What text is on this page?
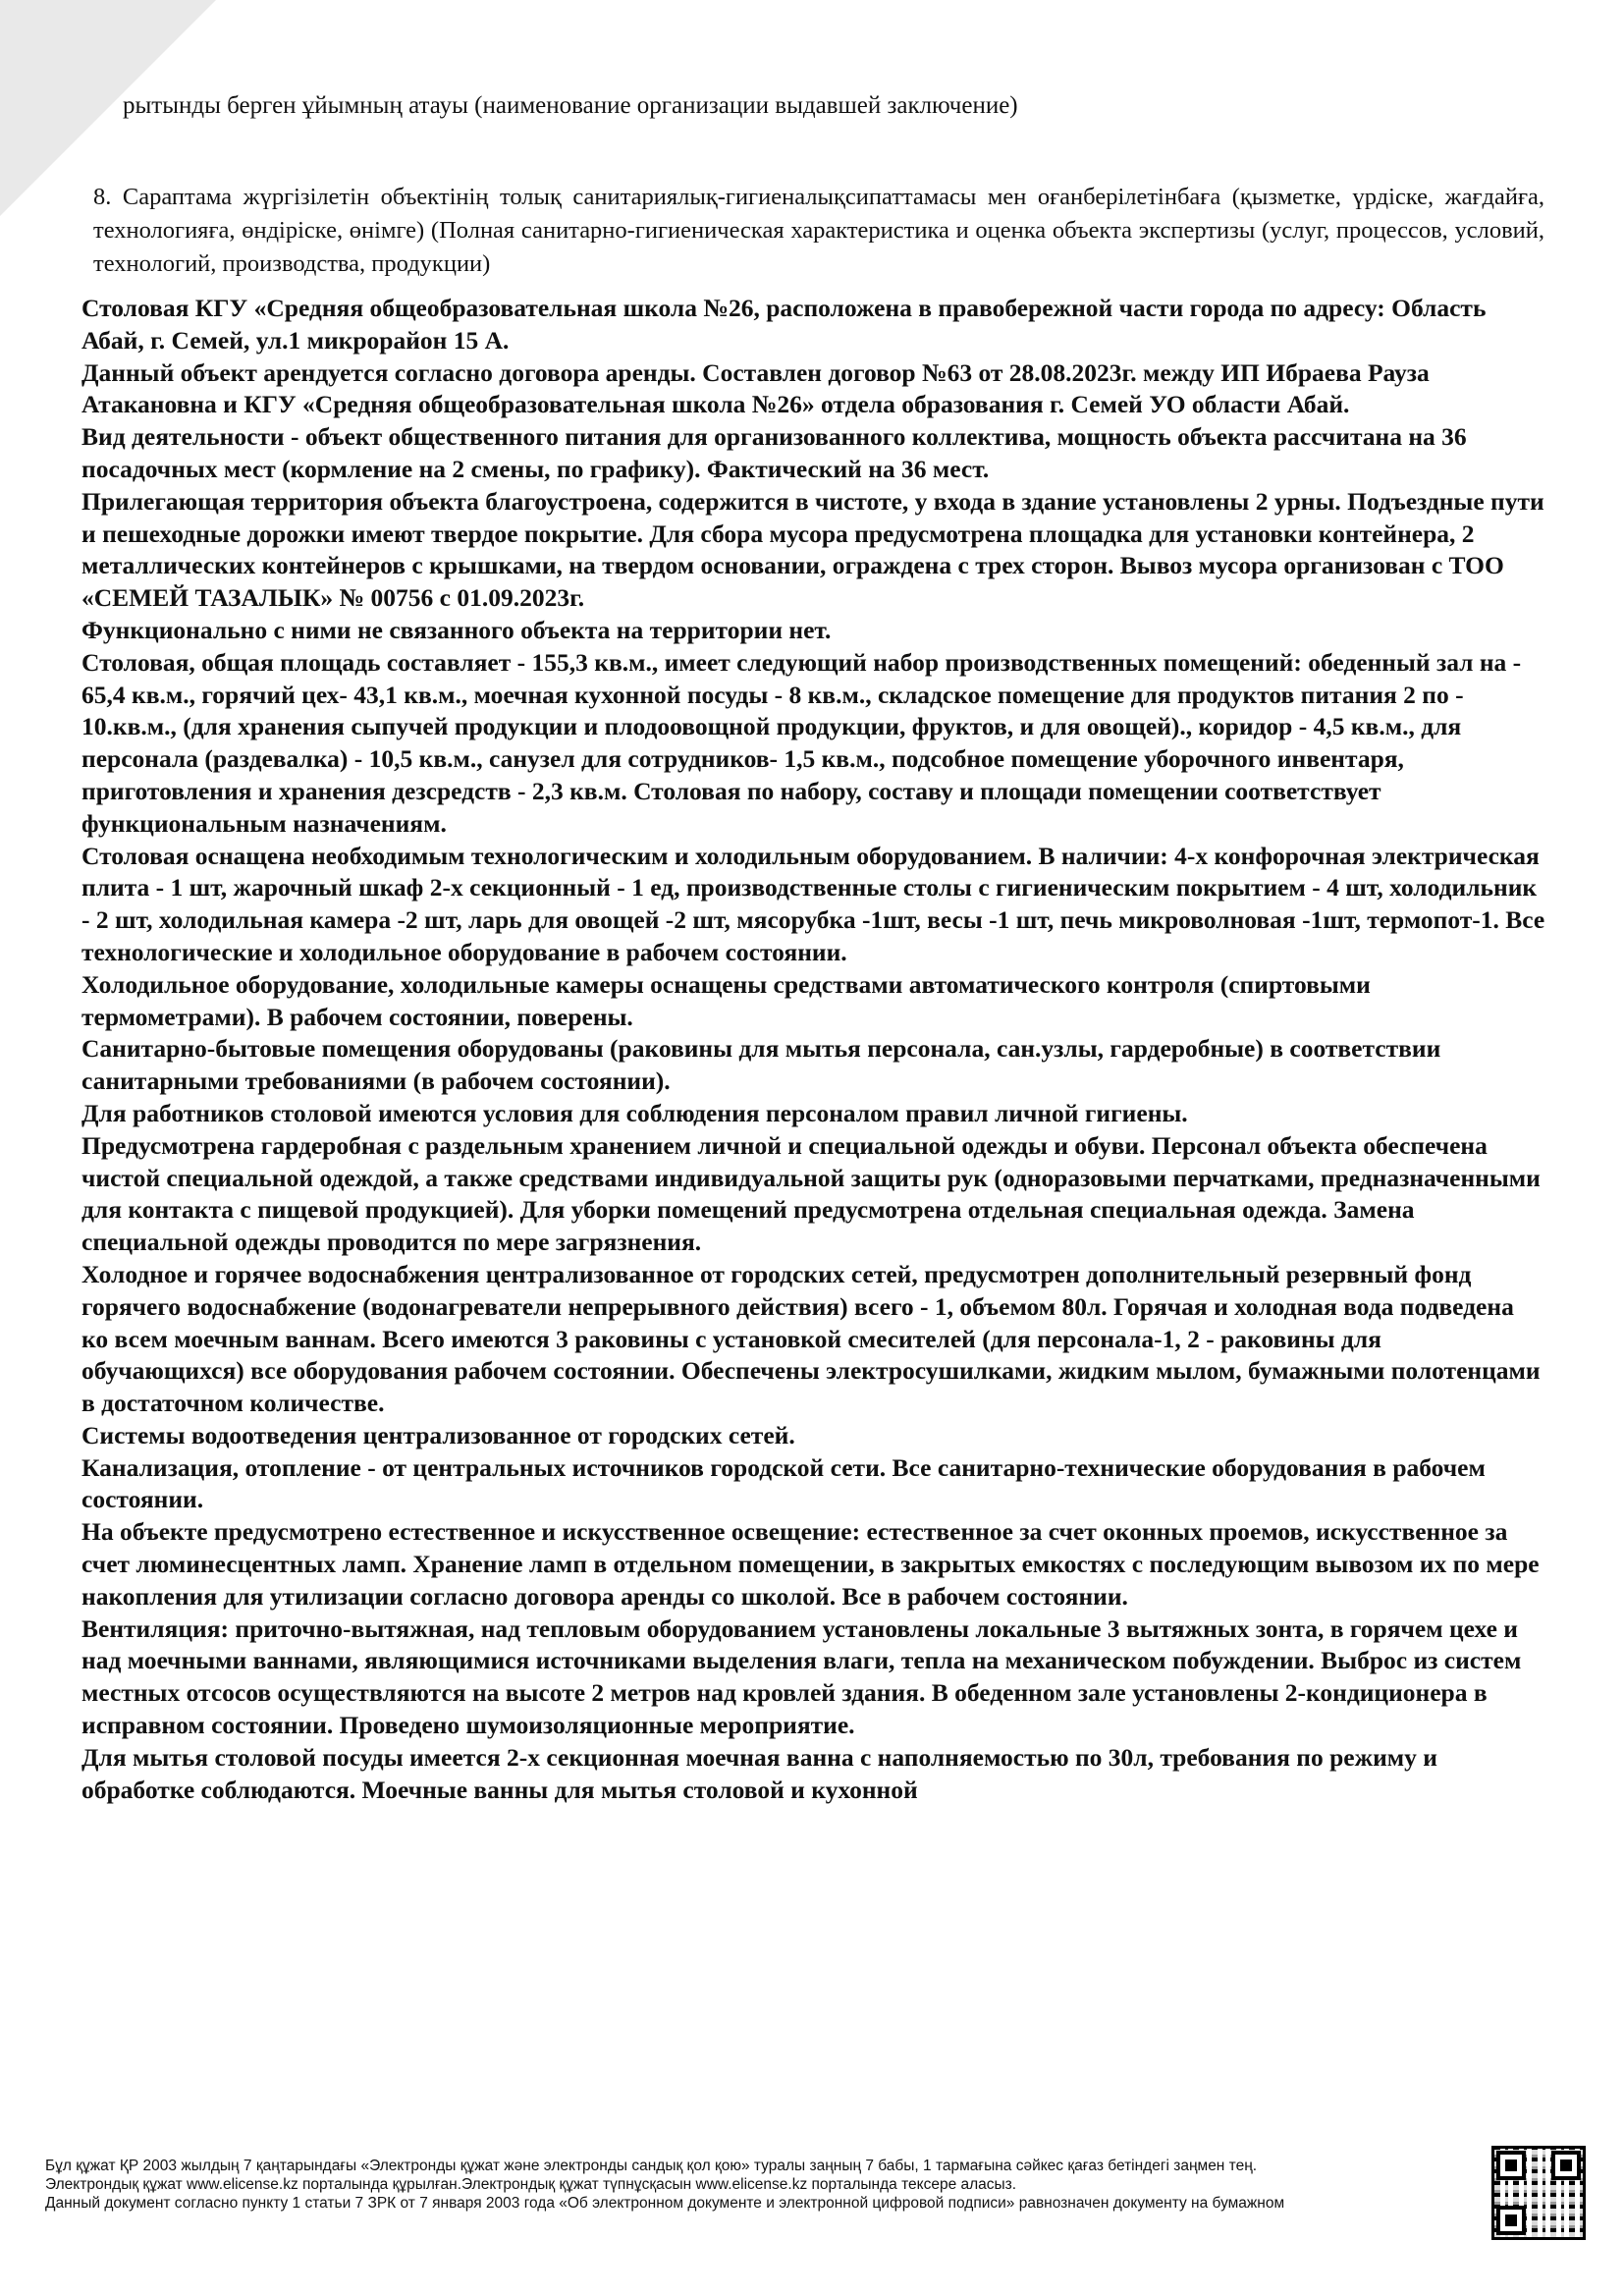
рытынды берген ұйымның атауы (наименование организации выдавшей заключение)
8. Сараптама жүргізілетін объектінің толық санитариялық-гигиеналықсипаттамасы мен оғанберілетінбаға (қызметке, үрдіске, жағдайға, технологияға, өндіріске, өнімге) (Полная санитарно-гигиеническая характеристика и оценка объекта экспертизы (услуг, процессов, условий, технологий, производства, продукции)

Столовая КГУ «Средняя общеобразовательная школа №26, расположена в правобережной части города по адресу: Область Абай, г. Семей, ул.1 микрорайон 15 А.

Данный объект арендуется согласно договора аренды. Составлен договор №63 от 28.08.2023г. между ИП Ибраева Рауза Атакановна и КГУ «Средняя общеобразовательная школа №26» отдела образования г. Семей УО области Абай.

Вид деятельности - объект общественного питания для организованного коллектива, мощность объекта рассчитана на 36 посадочных мест (кормление на 2 смены, по графику). Фактический на 36 мест.

Прилегающая территория объекта благоустроена, содержится в чистоте, у входа в здание установлены 2 урны. Подъездные пути и пешеходные дорожки имеют твердое покрытие. Для сбора мусора предусмотрена площадка для установки контейнера, 2 металлических контейнеров с крышками, на твердом основании, ограждена с трех сторон. Вывоз мусора организован с ТОО «СЕМЕЙ ТАЗАЛЫК» № 00756 с 01.09.2023г.

Функционально с ними не связанного объекта на территории нет.

Столовая, общая площадь составляет - 155,3 кв.м., имеет следующий набор производственных помещений: обеденный зал на - 65,4 кв.м., горячий цех- 43,1 кв.м., моечная кухонной посуды - 8 кв.м., складское помещение для продуктов питания 2 по - 10.кв.м., (для хранения сыпучей продукции и плодоовощной продукции, фруктов, и для овощей)., коридор - 4,5 кв.м., для персонала (раздевалка) - 10,5 кв.м., санузел для сотрудников- 1,5 кв.м., подсобное помещение уборочного инвентаря, приготовления и хранения дезсредств - 2,3 кв.м. Столовая по набору, составу и площади помещении соответствует функциональным назначениям.

Столовая оснащена необходимым технологическим и холодильным оборудованием. В наличии: 4-х конфорочная электрическая плита - 1 шт, жарочный шкаф 2-х секционный - 1 ед, производственные столы с гигиеническим покрытием - 4 шт, холодильник - 2 шт, холодильная камера -2 шт, ларь для овощей -2 шт, мясорубка -1шт, весы -1 шт, печь микроволновая -1шт, термопот-1. Все технологические и холодильное оборудование в рабочем состоянии.

Холодильное оборудование, холодильные камеры оснащены средствами автоматического контроля (спиртовыми термометрами). В рабочем состоянии, поверены.

Санитарно-бытовые помещения оборудованы (раковины для мытья персонала, сан.узлы, гардеробные) в соответствии санитарными требованиями (в рабочем состоянии).

Для работников столовой имеются условия для соблюдения персоналом правил личной гигиены.

Предусмотрена гардеробная с раздельным хранением личной и специальной одежды и обуви. Персонал объекта обеспечена чистой специальной одеждой, а также средствами индивидуальной защиты рук (одноразовыми перчатками, предназначенными для контакта с пищевой продукцией). Для уборки помещений предусмотрена отдельная специальная одежда. Замена специальной одежды проводится по мере загрязнения.

Холодное и горячее водоснабжения централизованное от городских сетей, предусмотрен дополнительный резервный фонд горячего водоснабжение (водонагреватели непрерывного действия) всего - 1, объемом 80л. Горячая и холодная вода подведена ко всем моечным ваннам. Всего имеются 3 раковины с установкой смесителей (для персонала-1, 2 - раковины для обучающихся) все оборудования рабочем состоянии. Обеспечены электросушилками, жидким мылом, бумажными полотенцами в достаточном количестве.

Системы водоотведения централизованное от городских сетей.

Канализация, отопление - от центральных источников городской сети. Все санитарно-технические оборудования в рабочем состоянии.

На объекте предусмотрено естественное и искусственное освещение: естественное за счет оконных проемов, искусственное за счет люминесцентных ламп. Хранение ламп в отдельном помещении, в закрытых емкостях с последующим вывозом их по мере накопления для утилизации согласно договора аренды со школой. Все в рабочем состоянии.

Вентиляция: приточно-вытяжная, над тепловым оборудованием установлены локальные 3 вытяжных зонта, в горячем цехе и над моечными ваннами, являющимися источниками выделения влаги, тепла на механическом побуждении. Выброс из систем местных отсосов осуществляются на высоте 2 метров над кровлей здания. В обеденном зале установлены 2-кондиционера в исправном состоянии. Проведено шумоизоляционные мероприятие.

Для мытья столовой посуды имеется 2-х секционная моечная ванна с наполняемостью по 30л, требования по режиму и обработке соблюдаются. Моечные ванны для мытья столовой и кухонной

Бұл құжат ҚР 2003 жылдың 7 қаңтарындағы «Электронды құжат және электронды сандық қол қою» туралы заңның 7 бабы, 1 тармағына сәйкес қағаз бетіндегі заңмен тең.
Электрондық құжат www.elicense.kz порталында құрылған.Электрондық құжат түпнұсқасын www.elicense.kz порталында тексере аласыз.
Данный документ согласно пункту 1 статьи 7 ЗРК от 7 января 2003 года «Об электронном документе и электронной цифровой подписи» равнозначен документу на бумажном
